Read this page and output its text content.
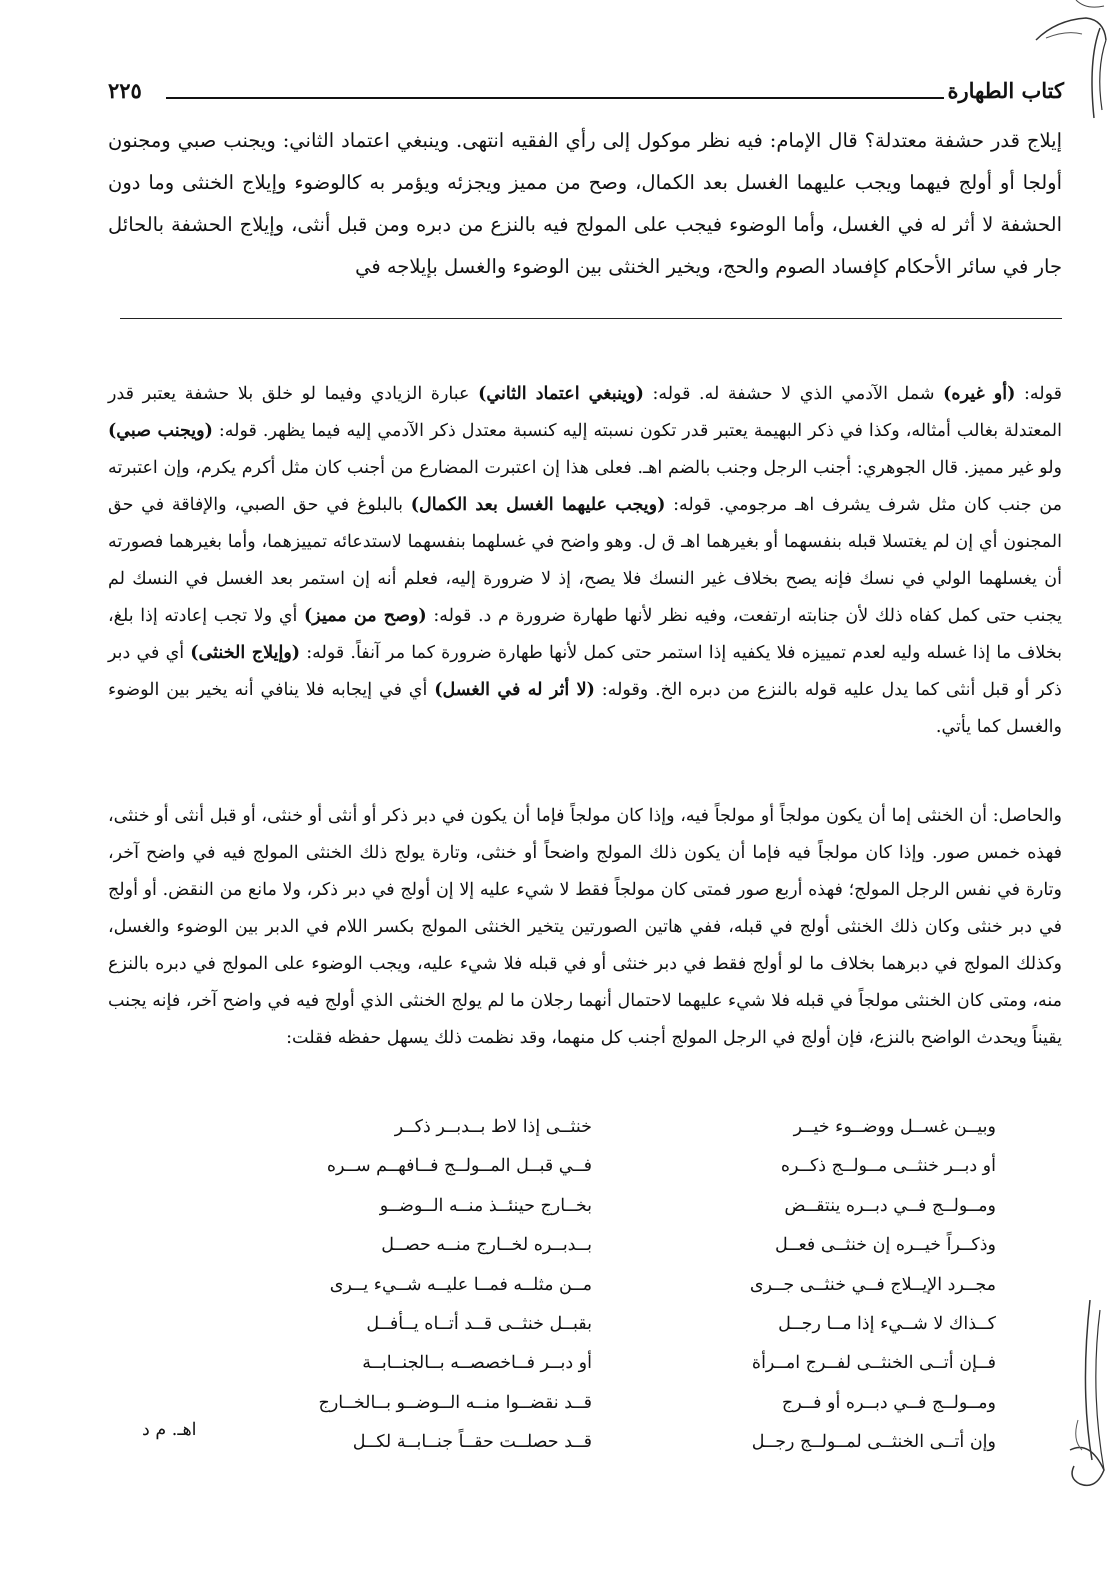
كتاب الطهارة
٢٢٥

إيلاج قدر حشفة معتدلة؟ قال الإمام: فيه نظر موكول إلى رأي الفقيه انتهى. وينبغي اعتماد الثاني: ويجنب صبي ومجنون أولجا أو أولج فيهما ويجب عليهما الغسل بعد الكمال، وصح من مميز ويجزئه ويؤمر به كالوضوء وإيلاج الخنثى وما دون الحشفة لا أثر له في الغسل، وأما الوضوء فيجب على المولج فيه بالنزع من دبره ومن قبل أنثى، وإيلاج الحشفة بالحائل جار في سائر الأحكام كإفساد الصوم والحج، ويخير الخنثى بين الوضوء والغسل بإيلاجه في

قوله: (أو غيره) شمل الآدمي الذي لا حشفة له. قوله: (وينبغي اعتماد الثاني) عبارة الزيادي وفيما لو خلق بلا حشفة يعتبر قدر المعتدلة بغالب أمثاله، وكذا في ذكر البهيمة يعتبر قدر تكون نسبته إليه كنسبة معتدل ذكر الآدمي إليه فيما يظهر. قوله: (ويجنب صبي) ولو غير مميز. قال الجوهري: أجنب الرجل وجنب بالضم اهـ. فعلى هذا إن اعتبرت المضارع من أجنب كان مثل أكرم يكرم، وإن اعتبرته من جنب كان مثل شرف يشرف اهـ مرجومي. قوله: (ويجب عليهما الغسل بعد الكمال) بالبلوغ في حق الصبي، والإفاقة في حق المجنون أي إن لم يغتسلا قبله بنفسهما أو بغيرهما اهـ ق ل. وهو واضح في غسلهما بنفسهما لاستدعائه تمييزهما، وأما بغيرهما فصورته أن يغسلهما الولي في نسك فإنه يصح بخلاف غير النسك فلا يصح، إذ لا ضرورة إليه، فعلم أنه إن استمر بعد الغسل في النسك لم يجنب حتى كمل كفاه ذلك لأن جنابته ارتفعت، وفيه نظر لأنها طهارة ضرورة م د. قوله: (وصح من مميز) أي ولا تجب إعادته إذا بلغ، بخلاف ما إذا غسله وليه لعدم تمييزه فلا يكفيه إذا استمر حتى كمل لأنها طهارة ضرورة كما مر آنفاً. قوله: (وإيلاج الخنثى) أي في دبر ذكر أو قبل أنثى كما يدل عليه قوله بالنزع من دبره الخ. وقوله: (لا أثر له في الغسل) أي في إيجابه فلا ينافي أنه يخير بين الوضوء والغسل كما يأتي.

والحاصل: أن الخنثى إما أن يكون مولجاً أو مولجاً فيه، وإذا كان مولجاً فإما أن يكون في دبر ذكر أو أنثى أو خنثى، أو قبل أنثى أو خنثى، فهذه خمس صور. وإذا كان مولجاً فيه فإما أن يكون ذلك المولج واضحاً أو خنثى، وتارة يولج ذلك الخنثى المولج فيه في واضح آخر، وتارة في نفس الرجل المولج؛ فهذه أربع صور فمتى كان مولجاً فقط لا شيء عليه إلا إن أولج في دبر ذكر، ولا مانع من النقض. أو أولج في دبر خنثى وكان ذلك الخنثى أولج في قبله، ففي هاتين الصورتين يتخير الخنثى المولج بكسر اللام في الدبر بين الوضوء والغسل، وكذلك المولج في دبرهما بخلاف ما لو أولج فقط في دبر خنثى أو في قبله فلا شيء عليه، ويجب الوضوء على المولج في دبره بالنزع منه، ومتى كان الخنثى مولجاً في قبله فلا شيء عليهما لاحتمال أنهما رجلان ما لم يولج الخنثى الذي أولج فيه في واضح آخر، فإنه يجنب يقيناً ويحدث الواضح بالنزع، فإن أولج في الرجل المولج أجنب كل منهما، وقد نظمت ذلك يسهل حفظه فقلت:

وبيــن غســل ووضــوء خيــر
خنثــى إذا لاط بــدبــر ذكــر
أو دبــر خنثــى مــولــج ذكــره
فــي قبــل المــولــج فــافهــم ســره
ومــولــج فــي دبــره ينتقــض
بخــارج حينئــذ منــه الــوضــو
وذكــراً خيــره إن خنثــى فعــل
بــدبــره لخــارج منــه حصــل
مجــرد الإيــلاج فــي خنثــى جــرى
مــن مثلــه فمــا عليــه شــيء يــرى
كــذاك لا شــيء إذا مــا رجــل
بقبــل خنثــى قــد أتــاه يــأفــل
فــإن أتــى الخنثــى لفــرج امــرأة
أو دبــر فــاخصصــه بــالجنــابــة
ومــولــج فــي دبــره أو فــرج
قــد نقضــوا منــه الــوضــو بــالخــارج
وإن أتــى الخنثــى لمــولــج رجــل
قــد حصلــت حقــاً جنــابــة لكــل
اهـ. م د
